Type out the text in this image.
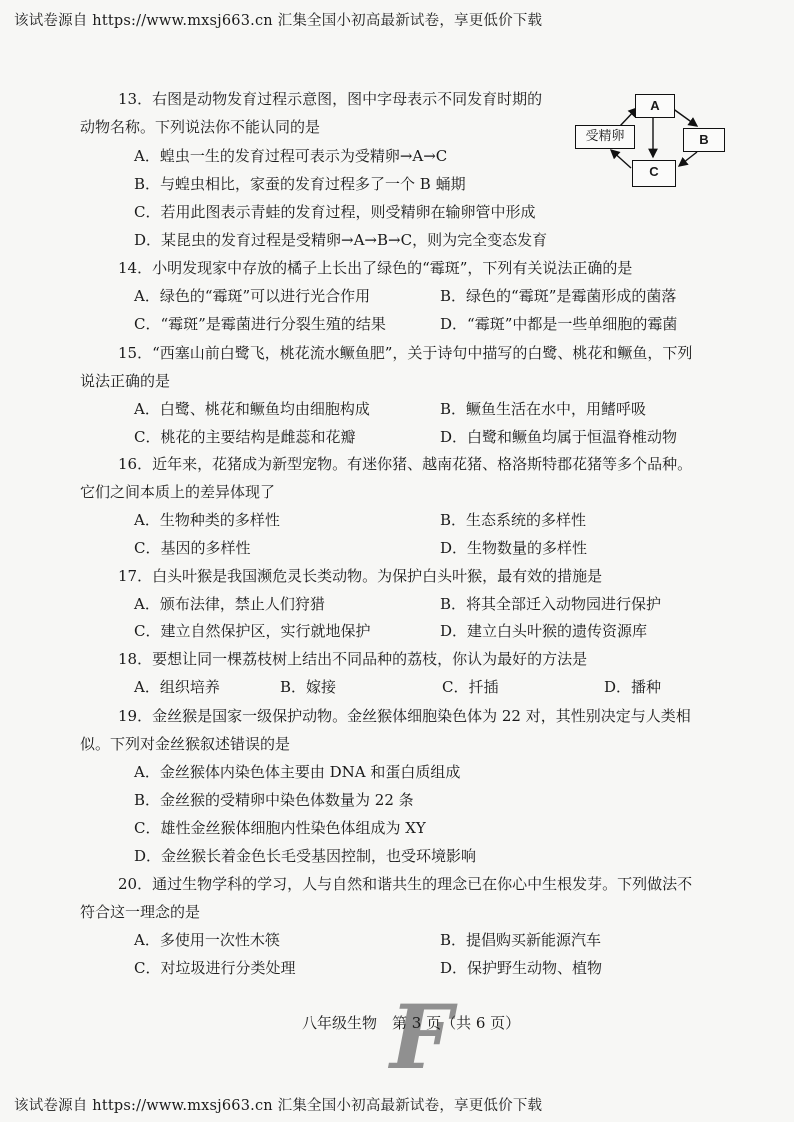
该试卷源自 https://www.mxsj663.cn 汇集全国小初高最新试卷，享更低价下载
A
受精卵	B
C
13．右图是动物发育过程示意图，图中字母表示不同发育时期的
动物名称。下列说法你不能认同的是
A．蝗虫一生的发育过程可表示为受精卵→A→C
B．与蝗虫相比，家蚕的发育过程多了一个 B 蛹期
C．若用此图表示青蛙的发育过程，则受精卵在输卵管中形成
D．某昆虫的发育过程是受精卵→A→B→C，则为完全变态发育
14．小明发现家中存放的橘子上长出了绿色的“霉斑”，下列有关说法正确的是
A．绿色的“霉斑”可以进行光合作用	B．绿色的“霉斑”是霉菌形成的菌落
C．“霉斑”是霉菌进行分裂生殖的结果	D．“霉斑”中都是一些单细胞的霉菌
15．“西塞山前白鹭飞，桃花流水鳜鱼肥”，关于诗句中描写的白鹭、桃花和鳜鱼，下列
说法正确的是
A．白鹭、桃花和鳜鱼均由细胞构成	B．鳜鱼生活在水中，用鳍呼吸
C．桃花的主要结构是雌蕊和花瓣	D．白鹭和鳜鱼均属于恒温脊椎动物
16．近年来，花猪成为新型宠物。有迷你猪、越南花猪、格洛斯特郡花猪等多个品种。
它们之间本质上的差异体现了
A．生物种类的多样性	B．生态系统的多样性
C．基因的多样性	D．生物数量的多样性
17．白头叶猴是我国濒危灵长类动物。为保护白头叶猴，最有效的措施是
A．颁布法律，禁止人们狩猎	B．将其全部迁入动物园进行保护
C．建立自然保护区，实行就地保护	D．建立白头叶猴的遗传资源库
18．要想让同一棵荔枝树上结出不同品种的荔枝，你认为最好的方法是
A．组织培养	B．嫁接	C．扦插	D．播种
19．金丝猴是国家一级保护动物。金丝猴体细胞染色体为 22 对，其性别决定与人类相
似。下列对金丝猴叙述错误的是
A．金丝猴体内染色体主要由 DNA 和蛋白质组成
B．金丝猴的受精卵中染色体数量为 22 条
C．雄性金丝猴体细胞内性染色体组成为 XY
D．金丝猴长着金色长毛受基因控制，也受环境影响
20．通过生物学科的学习，人与自然和谐共生的理念已在你心中生根发芽。下列做法不
符合这一理念的是
A．多使用一次性木筷	B．提倡购买新能源汽车
C．对垃圾进行分类处理	D．保护野生动物、植物
F
八年级生物　第 3 页（共 6 页）
该试卷源自 https://www.mxsj663.cn 汇集全国小初高最新试卷，享更低价下载
